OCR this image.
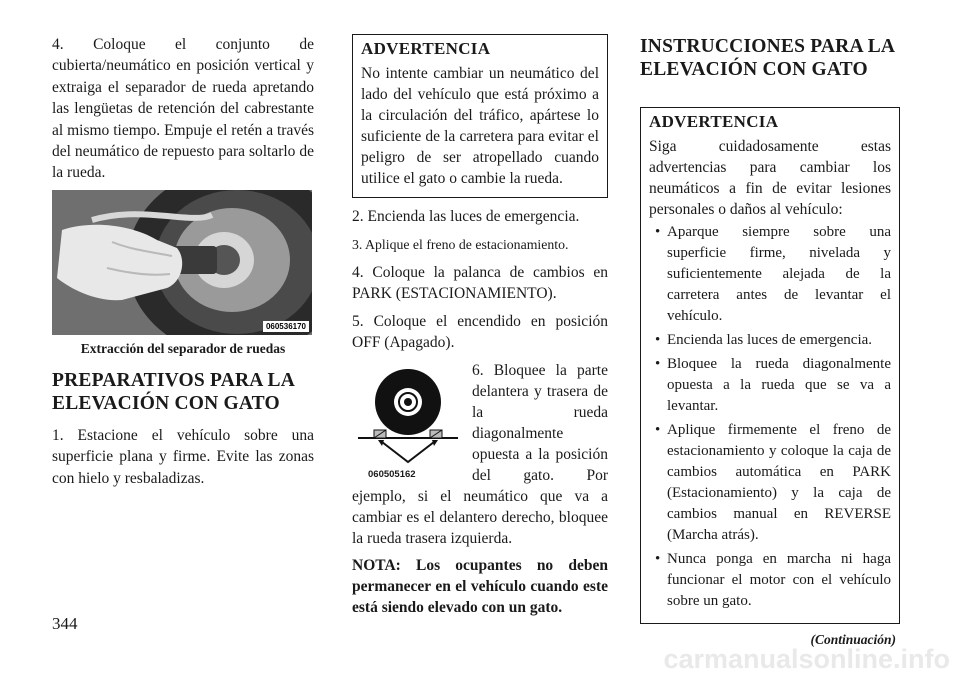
4. Coloque el conjunto de cubierta/neumático en posición vertical y extraiga el separador de rueda apretando las lengüetas de retención del cabrestante al mismo tiempo. Empuje el retén a través del neumático de repuesto para soltarlo de la rueda.

060536170

Extracción del separador de ruedas

PREPARATIVOS PARA LA ELEVACIÓN CON GATO

1. Estacione el vehículo sobre una superficie plana y firme. Evite las zonas con hielo y resbaladizas.

ADVERTENCIA

No intente cambiar un neumático del lado del vehículo que está próximo a la circulación del tráfico, apártese lo suficiente de la carretera para evitar el peligro de ser atropellado cuando utilice el gato o cambie la rueda.

2. Encienda las luces de emergencia.

3. Aplique el freno de estacionamiento.

4. Coloque la palanca de cambios en PARK (ESTACIONAMIENTO).

5. Coloque el encendido en posición OFF (Apagado).

060505162

6. Bloquee la parte delantera y trasera de la rueda diagonalmente opuesta a la posición del gato. Por ejemplo, si el neumático que va a cambiar es el delantero derecho, bloquee la rueda trasera izquierda.

NOTA: Los ocupantes no deben permanecer en el vehículo cuando este está siendo elevado con un gato.

INSTRUCCIONES PARA LA ELEVACIÓN CON GATO

ADVERTENCIA

Siga cuidadosamente estas advertencias para cambiar los neumáticos a fin de evitar lesiones personales o daños al vehículo:

• Aparque siempre sobre una superficie firme, nivelada y suficientemente alejada de la carretera antes de levantar el vehículo.
• Encienda las luces de emergencia.
• Bloquee la rueda diagonalmente opuesta a la rueda que se va a levantar.
• Aplique firmemente el freno de estacionamiento y coloque la caja de cambios automática en PARK (Estacionamiento) y la caja de cambios manual en REVERSE (Marcha atrás).
• Nunca ponga en marcha ni haga funcionar el motor con el vehículo sobre un gato.

(Continuación)

344

carmanualsonline.info
